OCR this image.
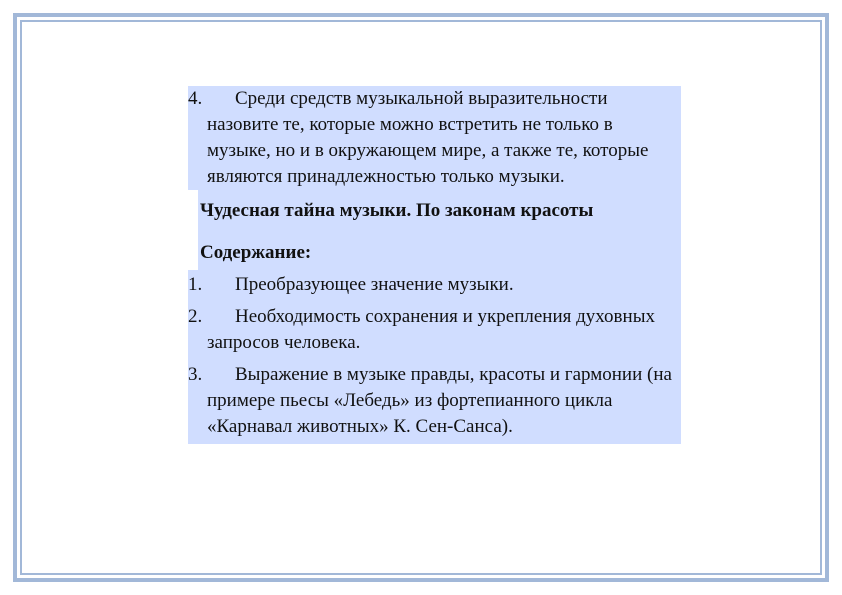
4. Среди средств музыкальной выразительности назовите те, которые можно встретить не только в музыке, но и в окружающем мире, а также те, которые являются принадлежностью только музыки.
Чудесная тайна музыки. По законам красоты
Содержание:
1. Преобразующее значение музыки.
2. Необходимость сохранения и укрепления духовных запросов человека.
3. Выражение в музыке правды, красоты и гармонии (на примере пьесы «Лебедь» из фортепианного цикла «Карнавал животных» К. Сен-Санса).
